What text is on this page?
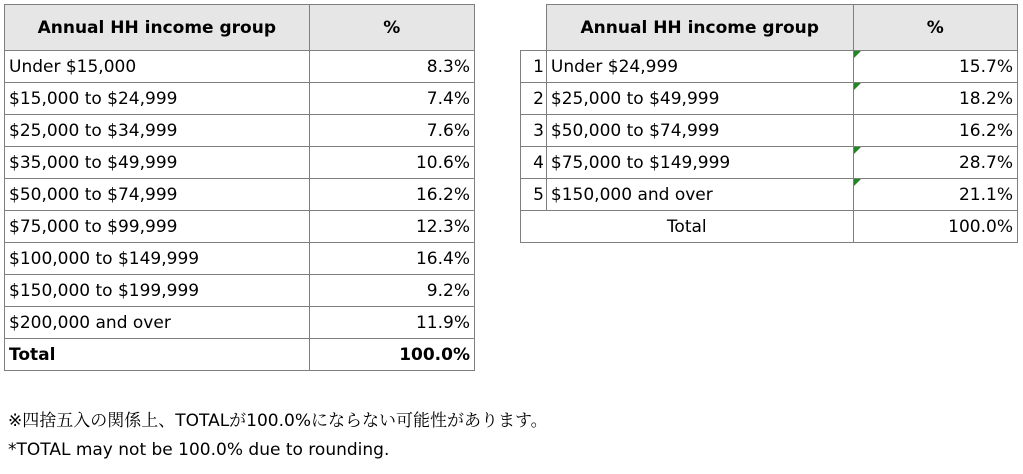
Annual HH income group	%
Under $15,000	8.3%
$15,000 to $24,999	7.4%
$25,000 to $34,999	7.6%
$35,000 to $49,999	10.6%
$50,000 to $74,999	16.2%
$75,000 to $99,999	12.3%
$100,000 to $149,999	16.4%
$150,000 to $199,999	9.2%
$200,000 and over	11.9%
Total	100.0%
	Annual HH income group	%
1	Under $24,999	15.7%
2	$25,000 to $49,999	18.2%
3	$50,000 to $74,999	16.2%
4	$75,000 to $149,999	28.7%
5	$150,000 and over	21.1%
Total		100.0%
※四捨五入の関係上、TOTALが100.0%にならない可能性があります。
*TOTAL may not be 100.0% due to rounding.
